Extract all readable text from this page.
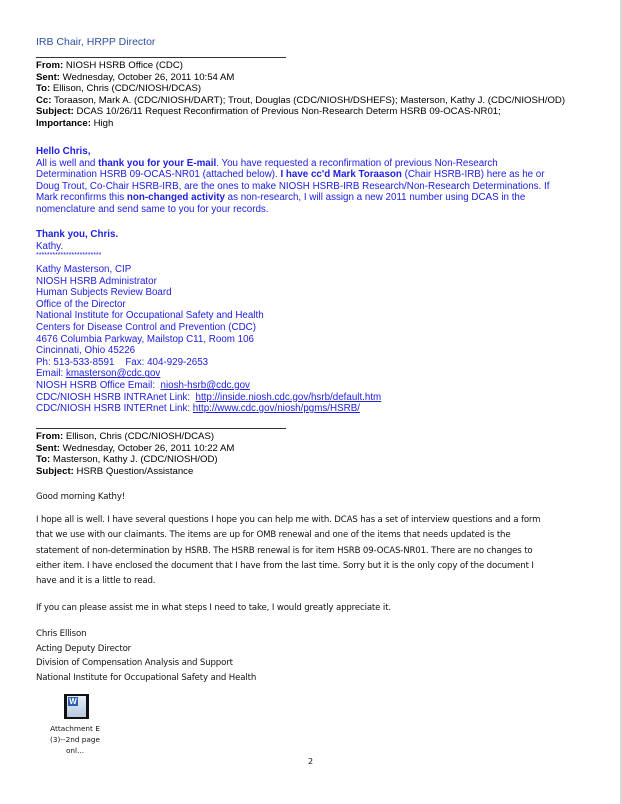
IRB Chair, HRPP Director
From: NIOSH HSRB Office (CDC)
Sent: Wednesday, October 26, 2011 10:54 AM
To: Ellison, Chris (CDC/NIOSH/DCAS)
Cc: Toraason, Mark A. (CDC/NIOSH/DART); Trout, Douglas (CDC/NIOSH/DSHEFS); Masterson, Kathy J. (CDC/NIOSH/OD)
Subject: DCAS 10/26/11 Request Reconfirmation of Previous Non-Research Determ HSRB 09-OCAS-NR01;
Importance: High
Hello Chris,
All is well and thank you for your E-mail. You have requested a reconfirmation of previous Non-Research
Determination HSRB 09-OCAS-NR01 (attached below). I have cc'd Mark Toraason (Chair HSRB-IRB) here as he or
Doug Trout, Co-Chair HSRB-IRB, are the ones to make NIOSH HSRB-IRB Research/Non-Research Determinations. If
Mark reconfirms this non-changed activity as non-research, I will assign a new 2011 number using DCAS in the
nomenclature and send same to you for your records.
Thank you, Chris.
Kathy.
************************
Kathy Masterson, CIP
NIOSH HSRB Administrator
Human Subjects Review Board
Office of the Director
National Institute for Occupational Safety and Health
Centers for Disease Control and Prevention (CDC)
4676 Columbia Parkway, Mailstop C11, Room 106
Cincinnati, Ohio 45226
Ph: 513-533-8591    Fax: 404-929-2653
Email: kmasterson@cdc.gov
NIOSH HSRB Office Email:  niosh-hsrb@cdc.gov
CDC/NIOSH HSRB INTRAnet Link:  http://inside.niosh.cdc.gov/hsrb/default.htm
CDC/NIOSH HSRB INTERnet Link: http://www.cdc.gov/niosh/pgms/HSRB/
From: Ellison, Chris (CDC/NIOSH/DCAS)
Sent: Wednesday, October 26, 2011 10:22 AM
To: Masterson, Kathy J. (CDC/NIOSH/OD)
Subject: HSRB Question/Assistance
Good morning Kathy!
I hope all is well. I have several questions I hope you can help me with. DCAS has a set of interview questions and a form
that we use with our claimants. The items are up for OMB renewal and one of the items that needs updated is the
statement of non-determination by HSRB. The HSRB renewal is for item HSRB 09-OCAS-NR01. There are no changes to
either item. I have enclosed the document that I have from the last time. Sorry but it is the only copy of the document I
have and it is a little to read.
If you can please assist me in what steps I need to take, I would greatly appreciate it.
Chris Ellison
Acting Deputy Director
Division of Compensation Analysis and Support
National Institute for Occupational Safety and Health
W
Attachment E
(3)--2nd page onl...
2
